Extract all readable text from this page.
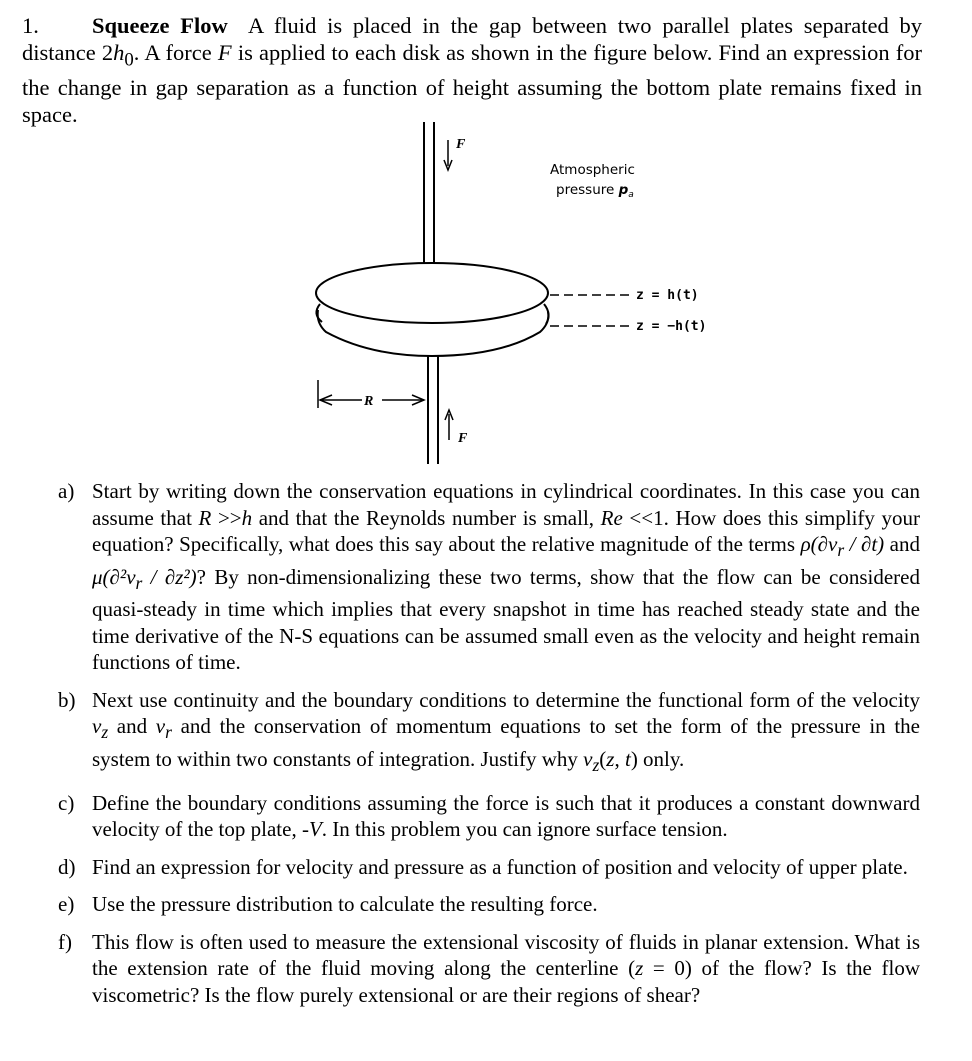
1. Squeeze Flow A fluid is placed in the gap between two parallel plates separated by distance $2h_0$. A force F is applied to each disk as shown in the figure below. Find an expression for the change in gap separation as a function of height assuming the bottom plate remains fixed in space.
F
F
Atmospheric
pressure $p_a$
z = h(t)
z = −h(t)
R
a) Start by writing down the conservation equations in cylindrical coordinates. In this case you can assume that R >>h and that the Reynolds number is small, Re <<1. How does this simplify your equation? Specifically, what does this say about the relative magnitude of the terms $\rho(\partial v_r / \partial t)$ and $\mu(\partial^2v_r / \partial z^2)$? By non-dimensionalizing these two terms, show that the flow can be considered quasi-steady in time which implies that every snapshot in time has reached steady state and the time derivative of the N-S equations can be assumed small even as the velocity and height remain functions of time.
b) Next use continuity and the boundary conditions to determine the functional form of the velocity $v_z$ and $v_r$ and the conservation of momentum equations to set the form of the pressure in the system to within two constants of integration. Justify why $v_z(z$, t) only.
c) Define the boundary conditions assuming the force is such that it produces a constant downward velocity of the top plate, -V. In this problem you can ignore surface tension.
d) Find an expression for velocity and pressure as a function of position and velocity of upper plate.
e) Use the pressure distribution to calculate the resulting force.
f) This flow is often used to measure the extensional viscosity of fluids in planar extension. What is the extension rate of the fluid moving along the centerline (z = 0) of the flow? Is the flow viscometric? Is the flow purely extensional or are their regions of shear?
